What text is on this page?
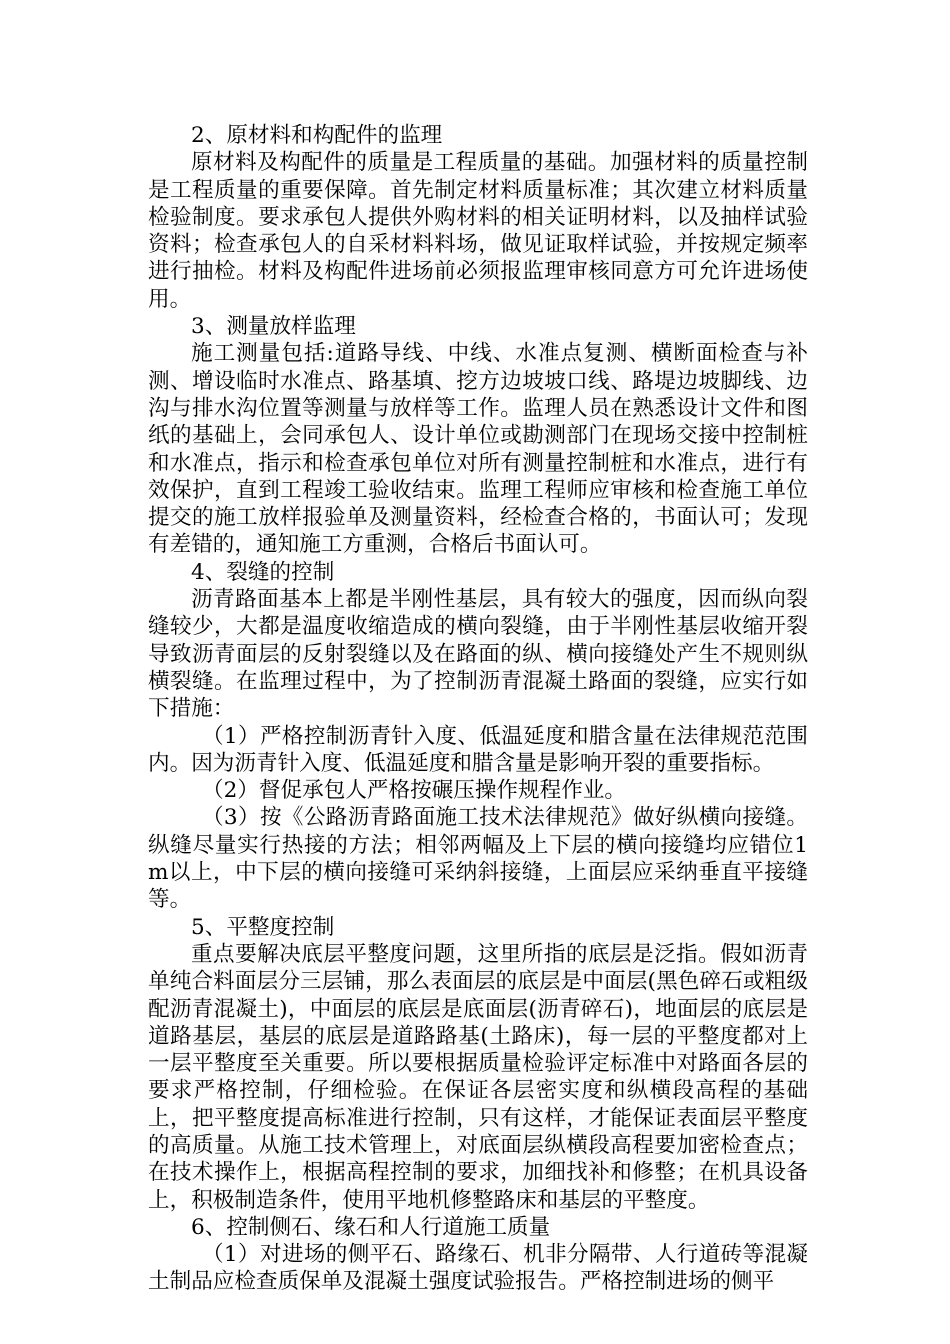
2、原材料和构配件的监理

原材料及构配件的质量是工程质量的基础。加强材料的质量控制是工程质量的重要保障。首先制定材料质量标准；其次建立材料质量检验制度。要求承包人提供外购材料的相关证明材料，以及抽样试验资料；检查承包人的自采材料料场，做见证取样试验，并按规定频率进行抽检。材料及构配件进场前必须报监理审核同意方可允许进场使用。

3、测量放样监理

施工测量包括:道路导线、中线、水准点复测、横断面检查与补测、增设临时水准点、路基填、挖方边坡坡口线、路堤边坡脚线、边沟与排水沟位置等测量与放样等工作。监理人员在熟悉设计文件和图纸的基础上，会同承包人、设计单位或勘测部门在现场交接中控制桩和水准点，指示和检查承包单位对所有测量控制桩和水准点，进行有效保护，直到工程竣工验收结束。监理工程师应审核和检查施工单位提交的施工放样报验单及测量资料，经检查合格的，书面认可；发现有差错的，通知施工方重测，合格后书面认可。

4、裂缝的控制

沥青路面基本上都是半刚性基层，具有较大的强度，因而纵向裂缝较少，大都是温度收缩造成的横向裂缝，由于半刚性基层收缩开裂导致沥青面层的反射裂缝以及在路面的纵、横向接缝处产生不规则纵横裂缝。在监理过程中，为了控制沥青混凝土路面的裂缝，应实行如下措施：

（1）严格控制沥青针入度、低温延度和腊含量在法律规范范围内。因为沥青针入度、低温延度和腊含量是影响开裂的重要指标。

（2）督促承包人严格按碾压操作规程作业。

（3）按《公路沥青路面施工技术法律规范》做好纵横向接缝。纵缝尽量实行热接的方法；相邻两幅及上下层的横向接缝均应错位1m以上，中下层的横向接缝可采纳斜接缝，上面层应采纳垂直平接缝等。

5、平整度控制

重点要解决底层平整度问题，这里所指的底层是泛指。假如沥青单纯合料面层分三层铺，那么表面层的底层是中面层(黑色碎石或粗级配沥青混凝土)，中面层的底层是底面层(沥青碎石)，地面层的底层是道路基层，基层的底层是道路路基(土路床)，每一层的平整度都对上一层平整度至关重要。所以要根据质量检验评定标准中对路面各层的要求严格控制，仔细检验。在保证各层密实度和纵横段高程的基础上，把平整度提高标准进行控制，只有这样，才能保证表面层平整度的高质量。从施工技术管理上，对底面层纵横段高程要加密检查点；在技术操作上，根据高程控制的要求，加细找补和修整；在机具设备上，积极制造条件，使用平地机修整路床和基层的平整度。

6、控制侧石、缘石和人行道施工质量

（1）对进场的侧平石、路缘石、机非分隔带、人行道砖等混凝土制品应检查质保单及混凝土强度试验报告。严格控制进场的侧平
